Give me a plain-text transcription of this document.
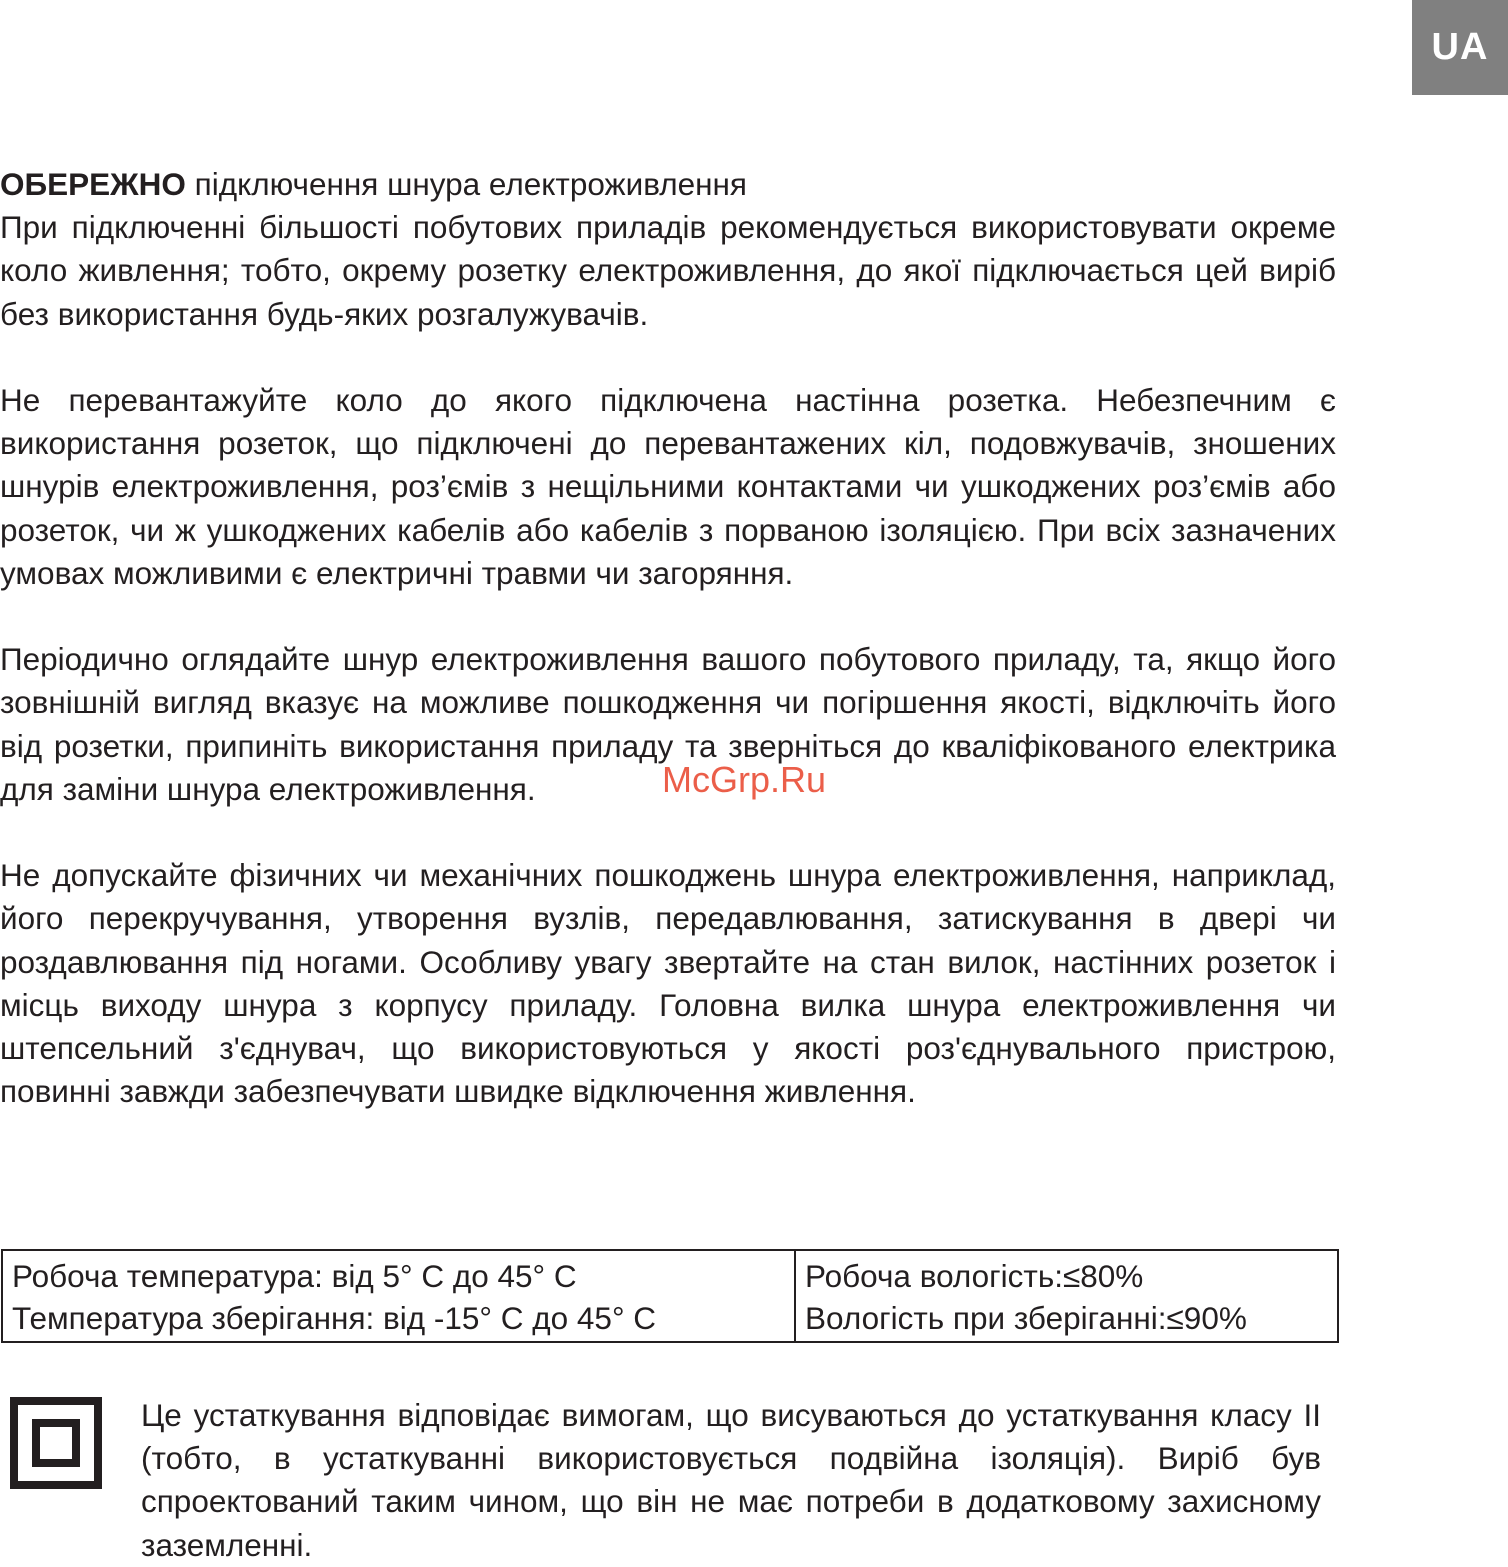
UA
ОБЕРЕЖНО підключення шнура електроживлення
При підключенні більшості побутових приладів рекомендується використовувати окреме коло живлення; тобто, окрему розетку електроживлення, до якої підключається цей виріб без використання будь-яких розгалужувачів.

Не перевантажуйте коло до якого підключена настінна розетка. Небезпечним є використання розеток, що підключені до перевантажених кіл, подовжувачів, зношених шнурів електроживлення, роз’ємів з нещільними контактами чи ушкоджених роз’ємів або розеток, чи ж ушкоджених кабелів або кабелів з порваною ізоляцією. При всіх зазначених умовах можливими є електричні травми чи загоряння.

Періодично оглядайте шнур електроживлення вашого побутового приладу, та, якщо його зовнішній вигляд вказує на можливе пошкодження чи погіршення якості, відключіть його від розетки, припиніть використання приладу та зверніться до кваліфікованого електрика для заміни шнура електроживлення.

Не допускайте фізичних чи механічних пошкоджень шнура електроживлення, наприклад, його перекручування, утворення вузлів, передавлювання, затискування в двері чи роздавлювання під ногами. Особливу увагу звертайте на стан вилок, настінних розеток і місць виходу шнура з корпусу приладу. Головна вилка шнура електроживлення чи штепсельний з'єднувач, що використовуються у якості роз'єднувального пристрою, повинні завжди забезпечувати швидке відключення живлення.

Робоча температура: від 5° С до 45° С
Температура зберігання: від -15° С до 45° С

Робоча вологість:≤80%
Вологість при зберіганні:≤90%
Це устаткування відповідає вимогам, що висуваються до устаткування класу II (тобто, в устаткуванні використовується подвійна ізоляція). Виріб був спроектований таким чином, що він не має потреби в додатковому захисному заземленні.
McGrp.Ru
